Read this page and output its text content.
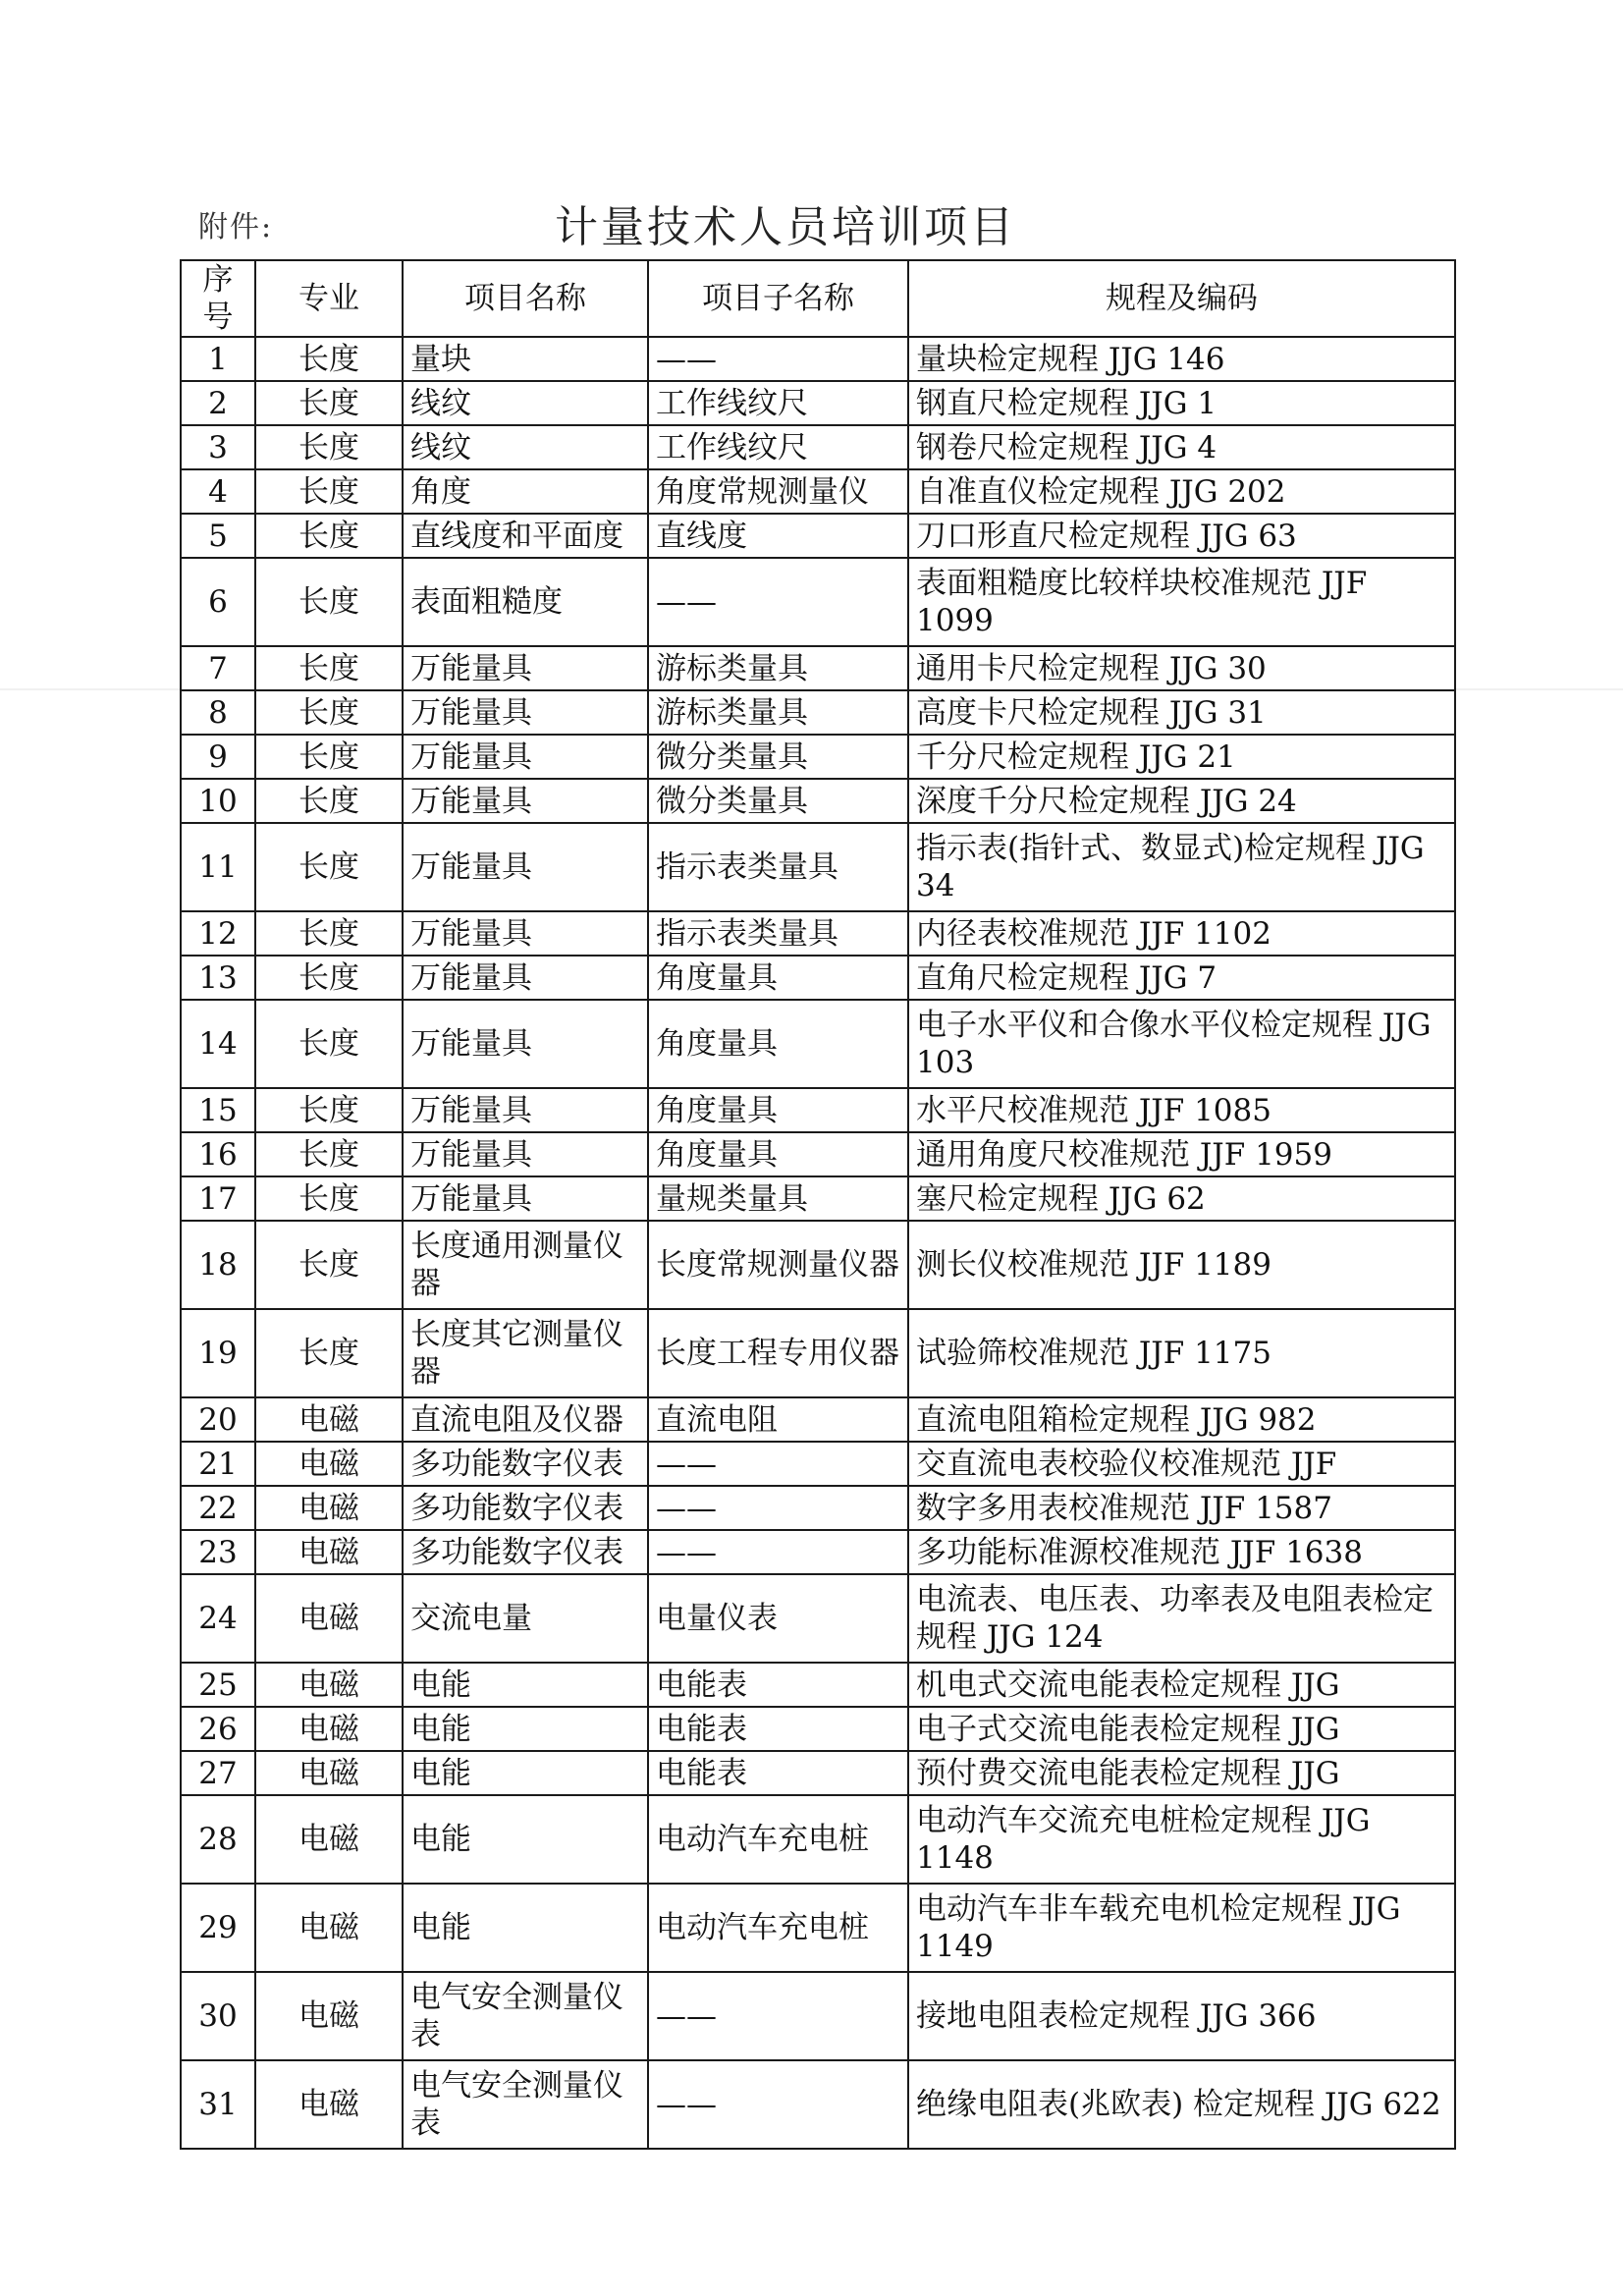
附件:	计量技术人员培训项目
序号	专业	项目名称	项目子名称	规程及编码
1	长度	量块	——	量块检定规程 JJG 146
2	长度	线纹	工作线纹尺	钢直尺检定规程 JJG 1
3	长度	线纹	工作线纹尺	钢卷尺检定规程 JJG 4
4	长度	角度	角度常规测量仪	自准直仪检定规程 JJG 202
5	长度	直线度和平面度	直线度	刀口形直尺检定规程 JJG 63
6	长度	表面粗糙度	——	表面粗糙度比较样块校准规范 JJF 1099
7	长度	万能量具	游标类量具	通用卡尺检定规程 JJG 30
8	长度	万能量具	游标类量具	高度卡尺检定规程 JJG 31
9	长度	万能量具	微分类量具	千分尺检定规程 JJG 21
10	长度	万能量具	微分类量具	深度千分尺检定规程 JJG 24
11	长度	万能量具	指示表类量具	指示表(指针式、数显式)检定规程 JJG 34
12	长度	万能量具	指示表类量具	内径表校准规范 JJF 1102
13	长度	万能量具	角度量具	直角尺检定规程 JJG 7
14	长度	万能量具	角度量具	电子水平仪和合像水平仪检定规程 JJG 103
15	长度	万能量具	角度量具	水平尺校准规范 JJF 1085
16	长度	万能量具	角度量具	通用角度尺校准规范 JJF 1959
17	长度	万能量具	量规类量具	塞尺检定规程 JJG 62
18	长度	长度通用测量仪器	长度常规测量仪器	测长仪校准规范 JJF 1189
19	长度	长度其它测量仪器	长度工程专用仪器	试验筛校准规范 JJF 1175
20	电磁	直流电阻及仪器	直流电阻	直流电阻箱检定规程 JJG 982
21	电磁	多功能数字仪表	——	交直流电表校验仪校准规范 JJF
22	电磁	多功能数字仪表	——	数字多用表校准规范 JJF 1587
23	电磁	多功能数字仪表	——	多功能标准源校准规范 JJF 1638
24	电磁	交流电量	电量仪表	电流表、电压表、功率表及电阻表检定规程 JJG 124
25	电磁	电能	电能表	机电式交流电能表检定规程 JJG
26	电磁	电能	电能表	电子式交流电能表检定规程 JJG
27	电磁	电能	电能表	预付费交流电能表检定规程 JJG
28	电磁	电能	电动汽车充电桩	电动汽车交流充电桩检定规程 JJG 1148
29	电磁	电能	电动汽车充电桩	电动汽车非车载充电机检定规程 JJG 1149
30	电磁	电气安全测量仪表	——	接地电阻表检定规程 JJG 366
31	电磁	电气安全测量仪表	——	绝缘电阻表(兆欧表) 检定规程 JJG 622
